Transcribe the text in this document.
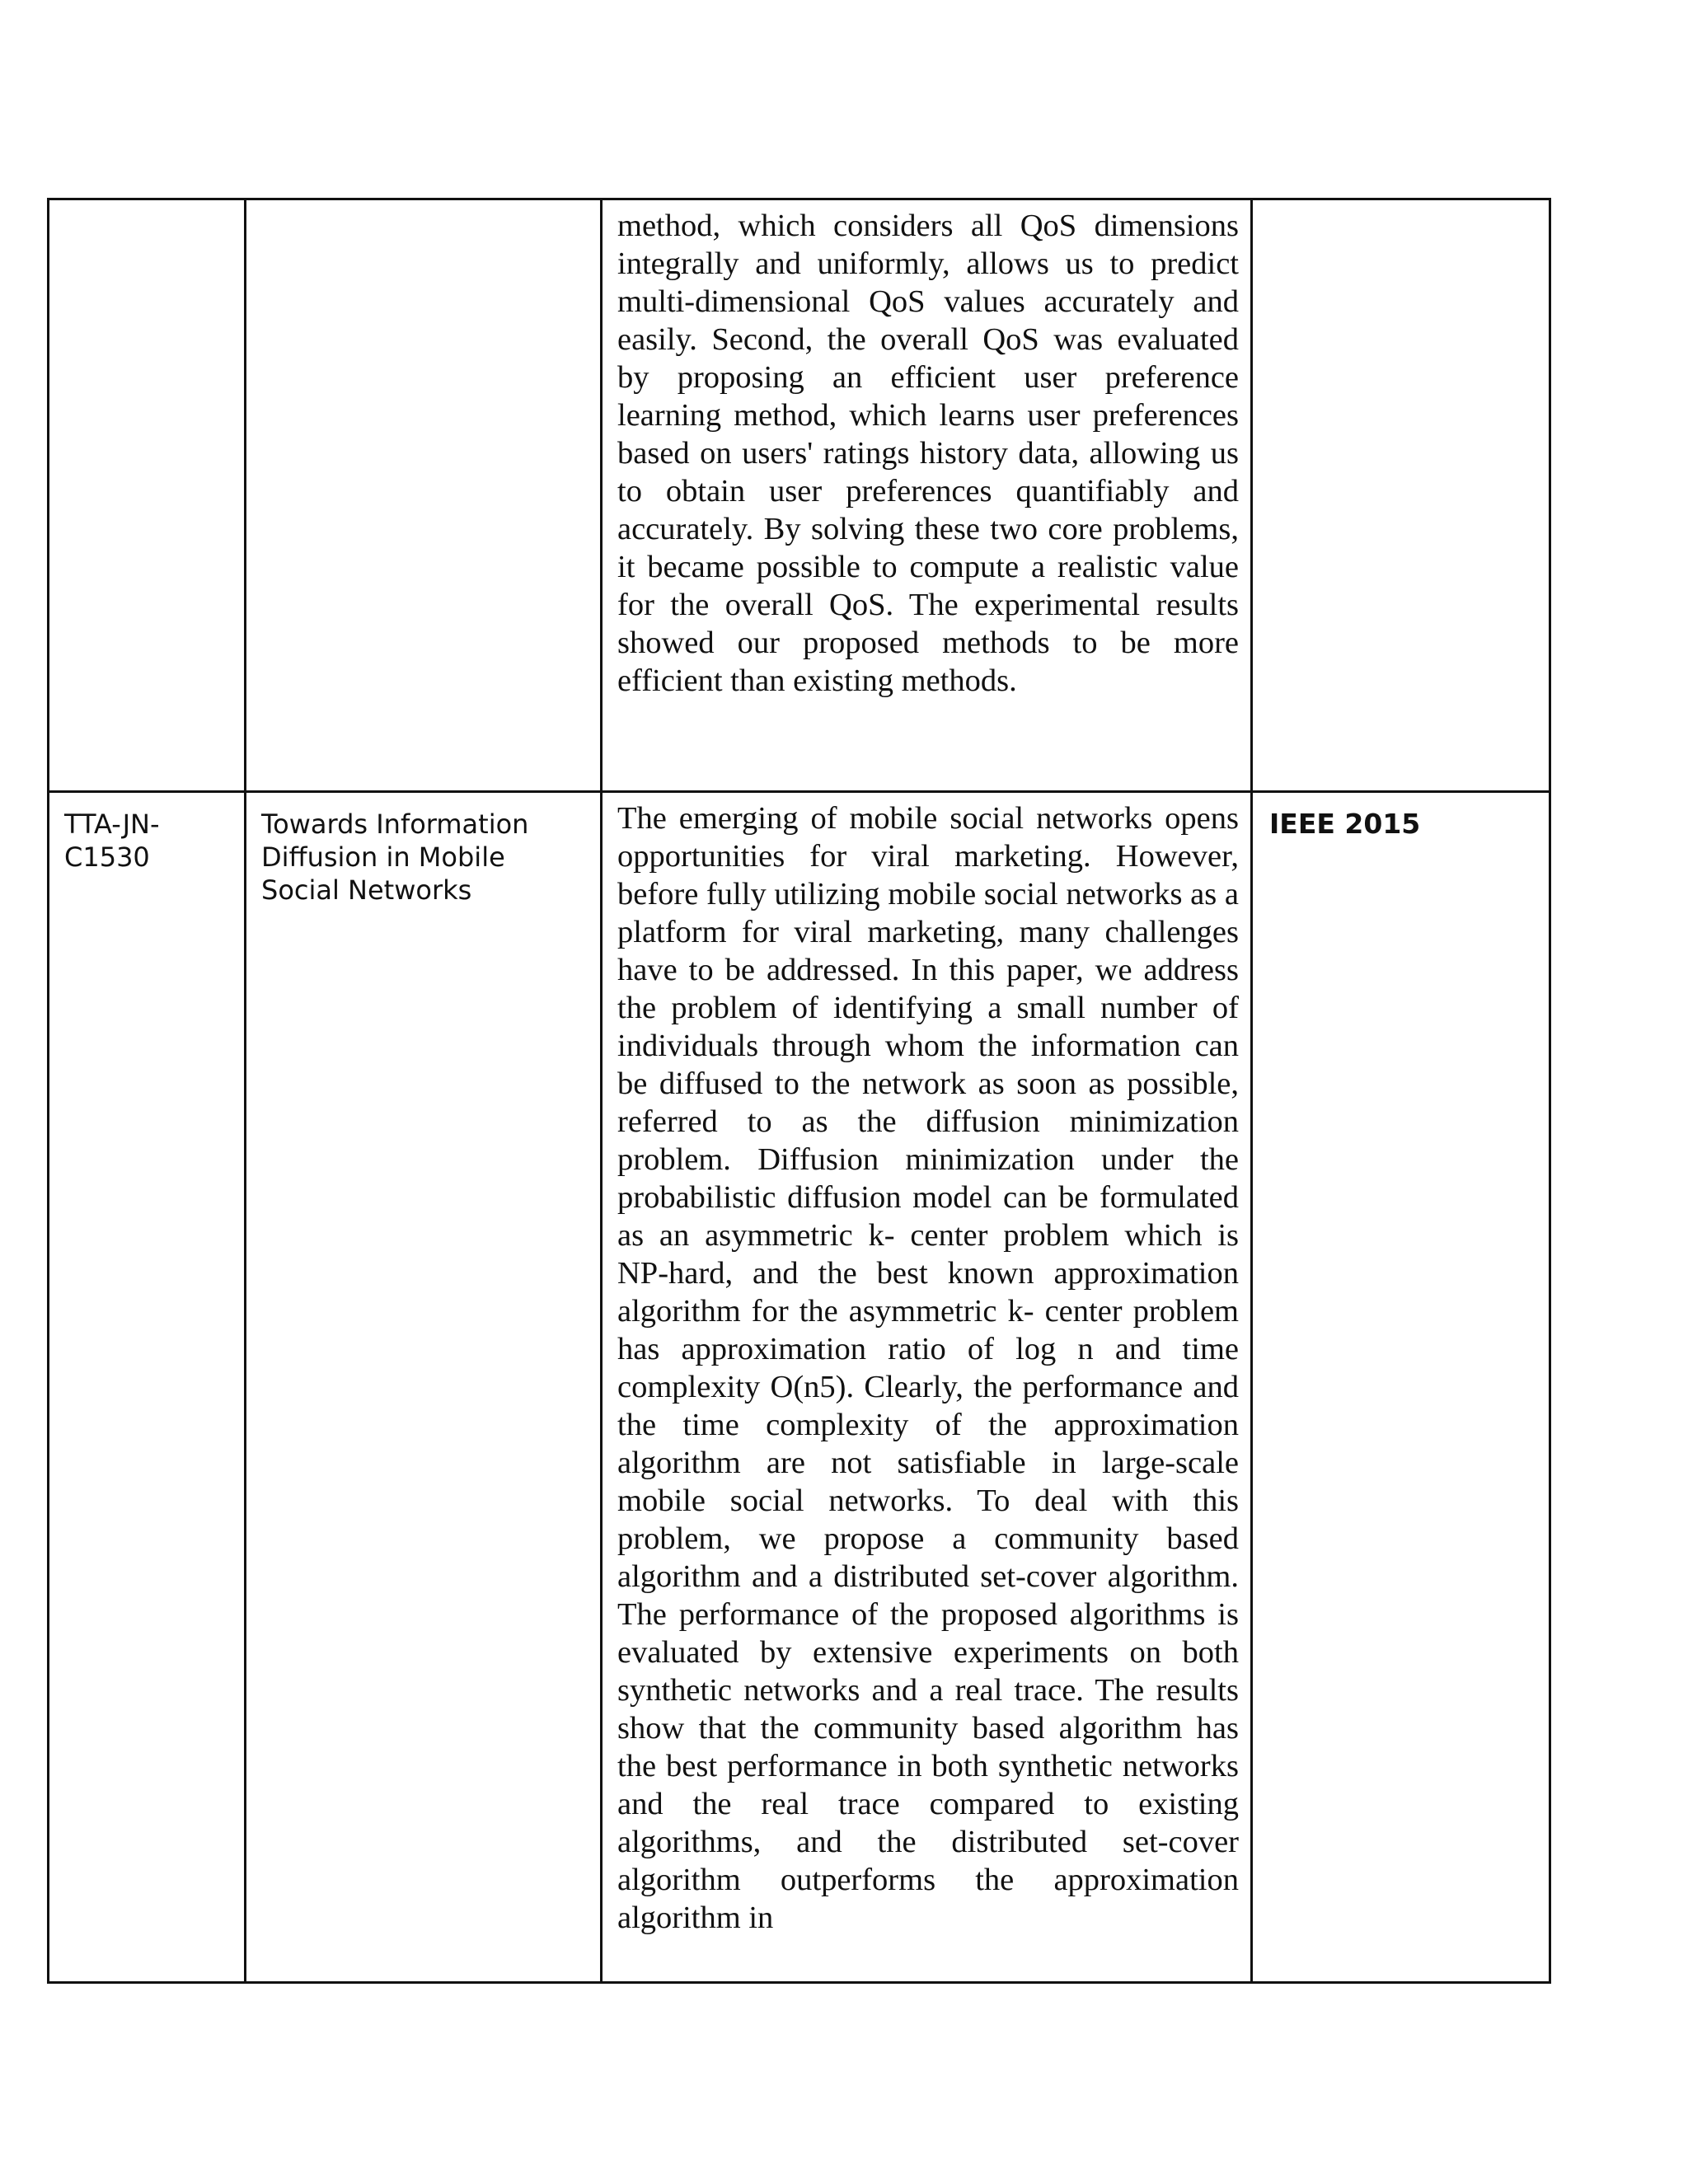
		method, which considers all QoS dimensions integrally and uniformly, allows us to predict multi-dimensional QoS values accurately and easily. Second, the overall QoS was evaluated by proposing an efficient user preference learning method, which learns user preferences based on users' ratings history data, allowing us to obtain user preferences quantifiably and accurately. By solving these two core problems, it became possible to compute a realistic value for the overall QoS. The experimental results showed our proposed methods to be more efficient than existing methods.	
TTA-JN-C1530	Towards Information Diffusion in Mobile Social Networks	The emerging of mobile social networks opens opportunities for viral marketing. However, before fully utilizing mobile social networks as a platform for viral marketing, many challenges have to be addressed. In this paper, we address the problem of identifying a small number of individuals through whom the information can be diffused to the network as soon as possible, referred to as the diffusion minimization problem. Diffusion minimization under the probabilistic diffusion model can be formulated as an asymmetric k- center problem which is NP-hard, and the best known approximation algorithm for the asymmetric k- center problem has approximation ratio of log n and time complexity O(n5). Clearly, the performance and the time complexity of the approximation algorithm are not satisfiable in large-scale mobile social networks. To deal with this problem, we propose a community based algorithm and a distributed set-cover algorithm. The performance of the proposed algorithms is evaluated by extensive experiments on both synthetic networks and a real trace. The results show that the community based algorithm has the best performance in both synthetic networks and the real trace compared to existing algorithms, and the distributed set-cover algorithm outperforms the approximation algorithm in	IEEE 2015
